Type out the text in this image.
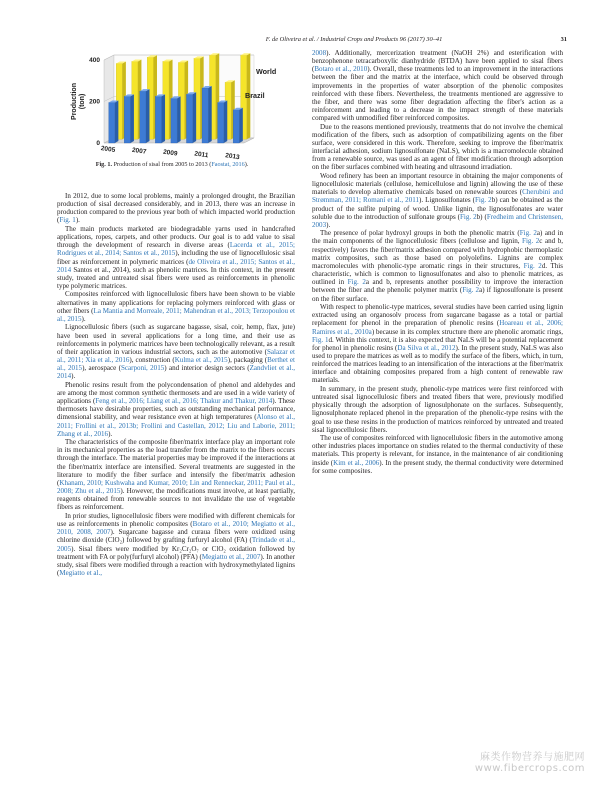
F. de Oliveira et al. / Industrial Crops and Products 96 (2017) 30–41	31
0
200
400
2005 2007 2009 2011 2013
World
Brazil
Production(ton)
Fig. 1. Production of sisal from 2005 to 2013 (Faostat, 2016).

In 2012, due to some local problems, mainly a prolonged drought, the Brazilian production of sisal decreased considerably, and in 2013, there was an increase in production compared to the previous year both of which impacted world production (Fig. 1).

The main products marketed are biodegradable yarns used in handcrafted applications, ropes, carpets, and other products. Our goal is to add value to sisal through the development of research in diverse areas (Lacerda et al., 2015; Rodrigues et al., 2014; Santos et al., 2015), including the use of lignocellulosic sisal fiber as reinforcement in polymeric matrices (de Oliveira et al., 2015; Santos et al., 2014 Santos et al., 2014), such as phenolic matrices. In this context, in the present study, treated and untreated sisal fibers were used as reinforcements in phenolic type polymeric matrices.

Composites reinforced with lignocellulosic fibers have been shown to be viable alternatives in many applications for replacing polymers reinforced with glass or other fibers (La Mantia and Morreale, 2011; Mahendran et al., 2013; Terzopoulou et al., 2015).

Lignocellulosic fibers (such as sugarcane bagasse, sisal, coir, hemp, flax, jute) have been used in several applications for a long time, and their use as reinforcements in polymeric matrices have been technologically relevant, as a result of their application in various industrial sectors, such as the automotive (Salazar et al., 2011; Xia et al., 2016), construction (Kulma et al., 2015), packaging (Berthet et al., 2015), aerospace (Scarponi, 2015) and interior design sectors (Zandvliet et al., 2014).

Phenolic resins result from the polycondensation of phenol and aldehydes and are among the most common synthetic thermosets and are used in a wide variety of applications (Feng et al., 2016; Liang et al., 2016; Thakur and Thakur, 2014). These thermosets have desirable properties, such as outstanding mechanical performance, dimensional stability, and wear resistance even at high temperatures (Alonso et al., 2011; Frollini et al., 2013b; Frollini and Castellan, 2012; Liu and Laborie, 2011; Zhang et al., 2016).

The characteristics of the composite fiber/matrix interface play an important role in its mechanical properties as the load transfer from the matrix to the fibers occurs through the interface. The material properties may be improved if the interactions at the fiber/matrix interface are intensified. Several treatments are suggested in the literature to modify the fiber surface and intensify the fiber/matrix adhesion (Khanam, 2010; Kushwaha and Kumar, 2010; Lin and Renneckar, 2011; Paul et al., 2008; Zhu et al., 2015). However, the modifications must involve, at least partially, reagents obtained from renewable sources to not invalidate the use of vegetable fibers as reinforcement.

In prior studies, lignocellulosic fibers were modified with different chemicals for use as reinforcements in phenolic composites (Botaro et al., 2010; Megiatto et al., 2010, 2008, 2007). Sugarcane bagasse and curaua fibers were oxidized using chlorine dioxide (ClO₂) followed by grafting furfuryl alcohol (FA) (Trindade et al., 2005). Sisal fibers were modified by Kr₂Cr₂O₇ or ClO₂ oxidation followed by treatment with FA or poly(furfuryl alcohol) (PFA) (Megiatto et al., 2007). In another study, sisal fibers were modified through a reaction with hydroxymethylated lignins (Megiatto et al.,

2008). Additionally, mercerization treatment (NaOH 2%) and esterification with benzophenone tetracarboxylic dianhydride (BTDA) have been applied to sisal fibers (Botaro et al., 2010). Overall, these treatments led to an improvement in the interactions between the fiber and the matrix at the interface, which could be observed through improvements in the properties of water absorption of the phenolic composites reinforced with these fibers. Nevertheless, the treatments mentioned are aggressive to the fiber, and there was some fiber degradation affecting the fiber's action as a reinforcement and leading to a decrease in the impact strength of these materials compared with unmodified fiber reinforced composites.

Due to the reasons mentioned previously, treatments that do not involve the chemical modification of the fibers, such as adsorption of compatibilizing agents on the fiber surface, were considered in this work. Therefore, seeking to improve the fiber/matrix interfacial adhesion, sodium lignosulfonate (NaLS), which is a macromolecule obtained from a renewable source, was used as an agent of fiber modification through adsorption on the fiber surfaces combined with heating and ultrasound irradiation.

Wood refinery has been an important resource in obtaining the major components of lignocellulosic materials (cellulose, hemicellulose and lignin) allowing the use of these materials to develop alternative chemicals based on renewable sources (Cherubini and Strømman, 2011; Romaní et al., 2011). Lignosulfonates (Fig. 2b) can be obtained as the product of the sulfite pulping of wood. Unlike lignin, the lignosulfonates are water soluble due to the introduction of sulfonate groups (Fig. 2b) (Fredheim and Christensen, 2003).

The presence of polar hydroxyl groups in both the phenolic matrix (Fig. 2a) and in the main components of the lignocellulosic fibers (cellulose and lignin, Fig. 2c and b, respectively) favors the fiber/matrix adhesion compared with hydrophobic thermoplastic matrix composites, such as those based on polyolefins. Lignins are complex macromolecules with phenolic-type aromatic rings in their structures, Fig. 2d. This characteristic, which is common to lignosulfonates and also to phenolic matrices, as outlined in Fig. 2a and b, represents another possibility to improve the interaction between the fiber and the phenolic polymer matrix (Fig. 2a) if lignosulfonate is present on the fiber surface.

With respect to phenolic-type matrices, several studies have been carried using lignin extracted using an organosolv process from sugarcane bagasse as a total or partial replacement for phenol in the preparation of phenolic resins (Hoareau et al., 2006; Ramires et al., 2010a) because in its complex structure there are phenolic aromatic rings, Fig. 1d. Within this context, it is also expected that NaLS will be a potential replacement for phenol in phenolic resins (Da Silva et al., 2012). In the present study, NaLS was also used to prepare the matrices as well as to modify the surface of the fibers, which, in turn, reinforced the matrices leading to an intensification of the interactions at the fiber/matrix interface and obtaining composites prepared from a high content of renewable raw materials.

In summary, in the present study, phenolic-type matrices were first reinforced with untreated sisal lignocellulosic fibers and treated fibers that were, previously modified physically through the adsorption of lignosulphonate on the surfaces. Subsequently, lignosulphonate replaced phenol in the preparation of the phenolic-type resins with the goal to use these resins in the production of matrices reinforced by untreated and treated sisal lignocellulosic fibers.

The use of composites reinforced with lignocellulosic fibers in the automotive among other industries places importance on studies related to the thermal conductivity of these materials. This property is relevant, for instance, in the maintenance of air conditioning inside (Kim et al., 2006). In the present study, the thermal conductivity were determined for some composites.

麻类作物营养与施肥网
www.fibercrops.com
